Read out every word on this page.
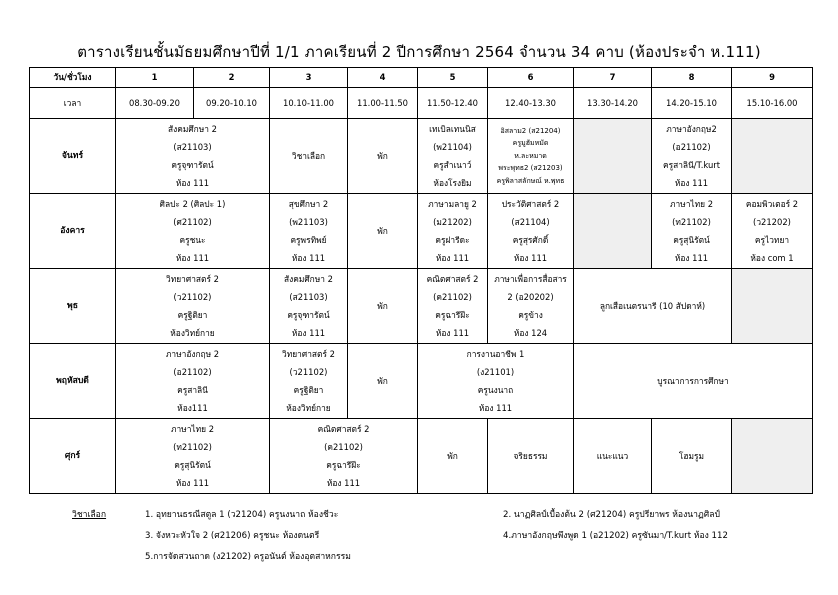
ตารางเรียนชั้นมัธยมศึกษาปีที่ 1/1 ภาคเรียนที่ 2 ปีการศึกษา 2564 จำนวน 34 คาบ (ห้องประจำ ห.111)
วัน/ชั่วโมง	1	2	3	4	5	6	7	8	9
เวลา	08.30-09.20	09.20-10.10	10.10-11.00	11.00-11.50	11.50-12.40	12.40-13.30	13.30-14.20	14.20-15.10	15.10-16.00
จันทร์	สังคมศึกษา 2
(ส21103)
ครูจุฑารัตน์
ห้อง 111		วิชาเลือก	พัก	เทเบิลเทนนิส
(พ21104)
ครูสำเนาว์
ห้องโรงยิม	อิสลาม2 (ส21204)
ครูมูฮัมหมัด
ห.ละหมาด
พระพุทธ2 (ส21203)
ครูพิลาสลักษณ์ ห.พุทธ		ภาษาอังกฤษ2
(อ21102)
ครูสาลินี/T.kurt
ห้อง 111	

อังคาร	ศิลปะ 2 (ศิลปะ 1)
(ศ21102)
ครูชนะ
ห้อง 111		สุขศึกษา 2
(พ21103)
ครูพรทิพย์
ห้อง 111	พัก	ภาษามลายู 2
(ม21202)
ครูฝารีดะ
ห้อง 111	ประวัติศาสตร์ 2
(ส21104)
ครูสุรศักดิ์
ห้อง 111		ภาษาไทย 2
(ท21102)
ครูสุนิรัตน์
ห้อง 111	คอมพิวเตอร์ 2
(ว21202)
ครูไวทยา
ห้อง com 1

พุธ	วิทยาศาสตร์ 2
(ว21102)
ครูฐิติยา
ห้องวิทย์กาย		สังคมศึกษา 2
(ส21103)
ครูจุฑารัตน์
ห้อง 111	พัก	คณิตศาสตร์ 2
(ค21102)
ครูฉารีฝ๊ะ
ห้อง 111	ภาษาเพื่อการสื่อสาร
2 (อ20202)
ครูข้าง
ห้อง 124	ลูกเสือเนตรนารี (10 สัปดาห์)		

พฤหัสบดี	ภาษาอังกฤษ 2
(อ21102)
ครูสาลินี
ห้อง111		วิทยาศาสตร์ 2
(ว21102)
ครูฐิติยา
ห้องวิทย์กาย	พัก	การงานอาชีพ 1
(ง21101)
ครูนงนาถ
ห้อง 111		บูรณาการการศึกษา		

ศุกร์	ภาษาไทย 2
(ท21102)
ครูสุนิรัตน์
ห้อง 111		คณิตศาสตร์ 2
(ค21102)
ครูฉารีฝ๊ะ
ห้อง 111		พัก	จริยธรรม	แนะแนว	โฮมรูม	

วิชาเลือก	1. อุทยานธรณีสตูล 1 (ว21204) ครูนงนาถ ห้องชีวะ
3. จังหวะหัวใจ 2 (ศ21206) ครูชนะ ห้องดนตรี
5.การจัดสวนถาด (ง21202) ครูอนันต์ ห้องอุตสาหกรรม
2. นาฏศิลป์เบื้องต้น 2 (ศ21204) ครูปรียาพร ห้องนาฏศิลป์
4.ภาษาอังกฤษพึงพูด 1 (อ21202) ครูซันมา/T.kurt ห้อง 112
